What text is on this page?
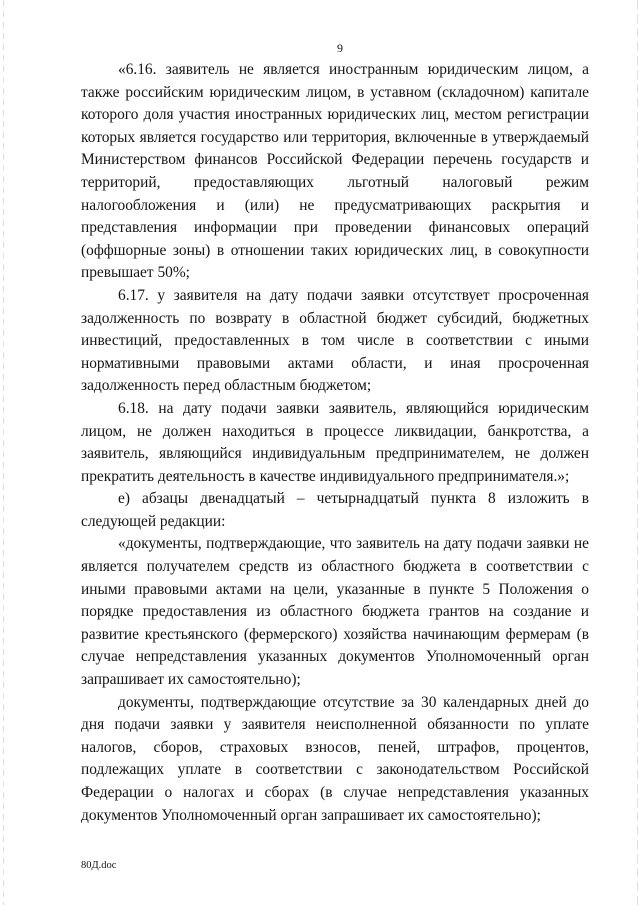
9

«6.16. заявитель не является иностранным юридическим лицом, а также российским юридическим лицом, в уставном (складочном) капитале которого доля участия иностранных юридических лиц, местом регистрации которых является государство или территория, включенные в утверждаемый Министерством финансов Российской Федерации перечень государств и территорий, предоставляющих льготный налоговый режим налогообложения и (или) не предусматривающих раскрытия и представления информации при проведении финансовых операций (оффшорные зоны) в отношении таких юридических лиц, в совокупности превышает 50%;

6.17. у заявителя на дату подачи заявки отсутствует просроченная задолженность по возврату в областной бюджет субсидий, бюджетных инвестиций, предоставленных в том числе в соответствии с иными нормативными правовыми актами области, и иная просроченная задолженность перед областным бюджетом;

6.18. на дату подачи заявки заявитель, являющийся юридическим лицом, не должен находиться в процессе ликвидации, банкротства, а заявитель, являющийся индивидуальным предпринимателем, не должен прекратить деятельность в качестве индивидуального предпринимателя.»;

е) абзацы двенадцатый – четырнадцатый пункта 8 изложить в следующей редакции:

«документы, подтверждающие, что заявитель на дату подачи заявки не является получателем средств из областного бюджета в соответствии с иными правовыми актами на цели, указанные в пункте 5 Положения о порядке предоставления из областного бюджета грантов на создание и развитие крестьянского (фермерского) хозяйства начинающим фермерам (в случае непредставления указанных документов Уполномоченный орган запрашивает их самостоятельно);

документы, подтверждающие отсутствие за 30 календарных дней до дня подачи заявки у заявителя неисполненной обязанности по уплате налогов, сборов, страховых взносов, пеней, штрафов, процентов, подлежащих уплате в соответствии с законодательством Российской Федерации о налогах и сборах (в случае непредставления указанных документов Уполномоченный орган запрашивает их самостоятельно);

80Д.doc
